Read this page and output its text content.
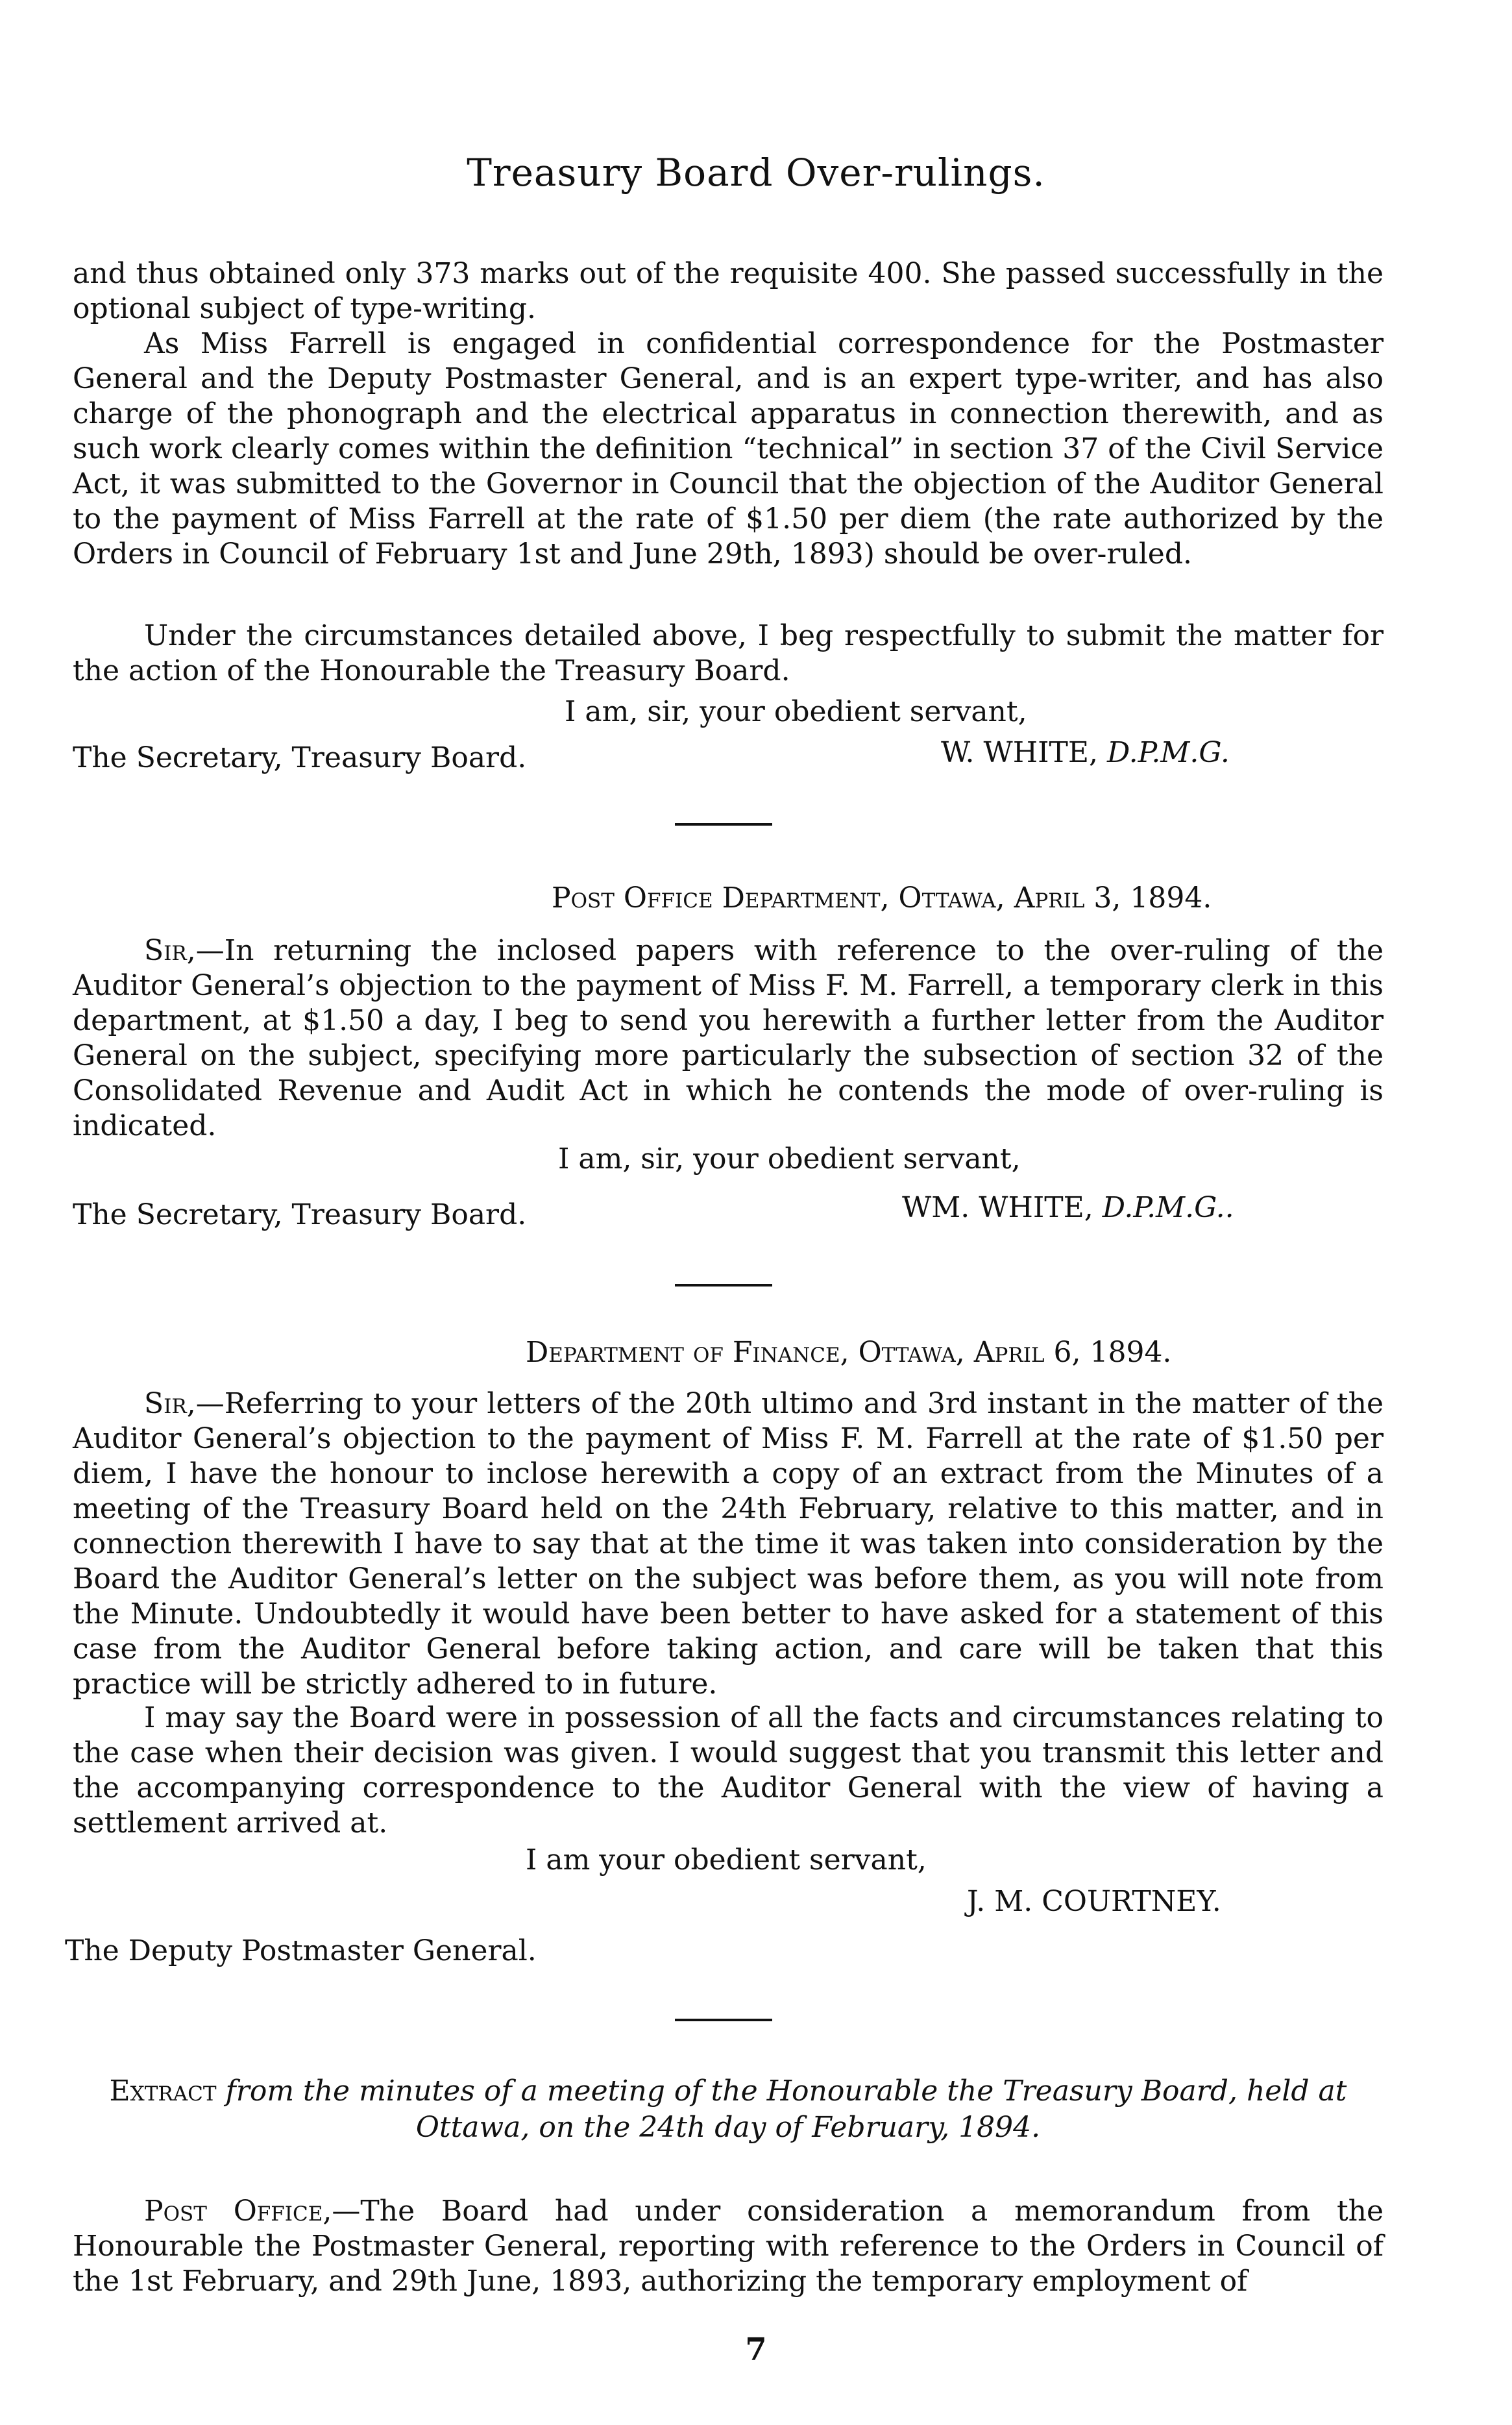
Treasury Board Over-rulings.

and thus obtained only 373 marks out of the requisite 400. She passed successfully in the optional subject of type-writing.

As Miss Farrell is engaged in confidential correspondence for the Postmaster General and the Deputy Postmaster General, and is an expert type-writer, and has also charge of the phonograph and the electrical apparatus in connection therewith, and as such work clearly comes within the definition “technical” in section 37 of the Civil Service Act, it was submitted to the Governor in Council that the objection of the Auditor General to the payment of Miss Farrell at the rate of $1.50 per diem (the rate authorized by the Orders in Council of February 1st and June 29th, 1893) should be over-ruled.

Under the circumstances detailed above, I beg respectfully to submit the matter for the action of the Honourable the Treasury Board.

I am, sir, your obedient servant,
The Secretary, Treasury Board.	W. WHITE, D.P.M.G.
Post Office Department, Ottawa, April 3, 1894.

Sir,—In returning the inclosed papers with reference to the over-ruling of the Auditor General’s objection to the payment of Miss F. M. Farrell, a temporary clerk in this department, at $1.50 a day, I beg to send you herewith a further letter from the Auditor General on the subject, specifying more particularly the subsection of section 32 of the Consolidated Revenue and Audit Act in which he contends the mode of over-ruling is indicated.

I am, sir, your obedient servant,
The Secretary, Treasury Board.	WM. WHITE, D.P.M.G..
Department of Finance, Ottawa, April 6, 1894.

Sir,—Referring to your letters of the 20th ultimo and 3rd instant in the matter of the Auditor General’s objection to the payment of Miss F. M. Farrell at the rate of $1.50 per diem, I have the honour to inclose herewith a copy of an extract from the Minutes of a meeting of the Treasury Board held on the 24th February, relative to this matter, and in connection therewith I have to say that at the time it was taken into consideration by the Board the Auditor General’s letter on the subject was before them, as you will note from the Minute. Undoubtedly it would have been better to have asked for a statement of this case from the Auditor General before taking action, and care will be taken that this practice will be strictly adhered to in future.

I may say the Board were in possession of all the facts and circumstances relating to the case when their decision was given. I would suggest that you transmit this letter and the accompanying correspondence to the Auditor General with the view of having a settlement arrived at.

I am your obedient servant,
J. M. COURTNEY.
The Deputy Postmaster General.

Extract from the minutes of a meeting of the Honourable the Treasury Board, held at Ottawa, on the 24th day of February, 1894.

Post Office,—The Board had under consideration a memorandum from the Honourable the Postmaster General, reporting with reference to the Orders in Council of the 1st February, and 29th June, 1893, authorizing the temporary employment of

7
